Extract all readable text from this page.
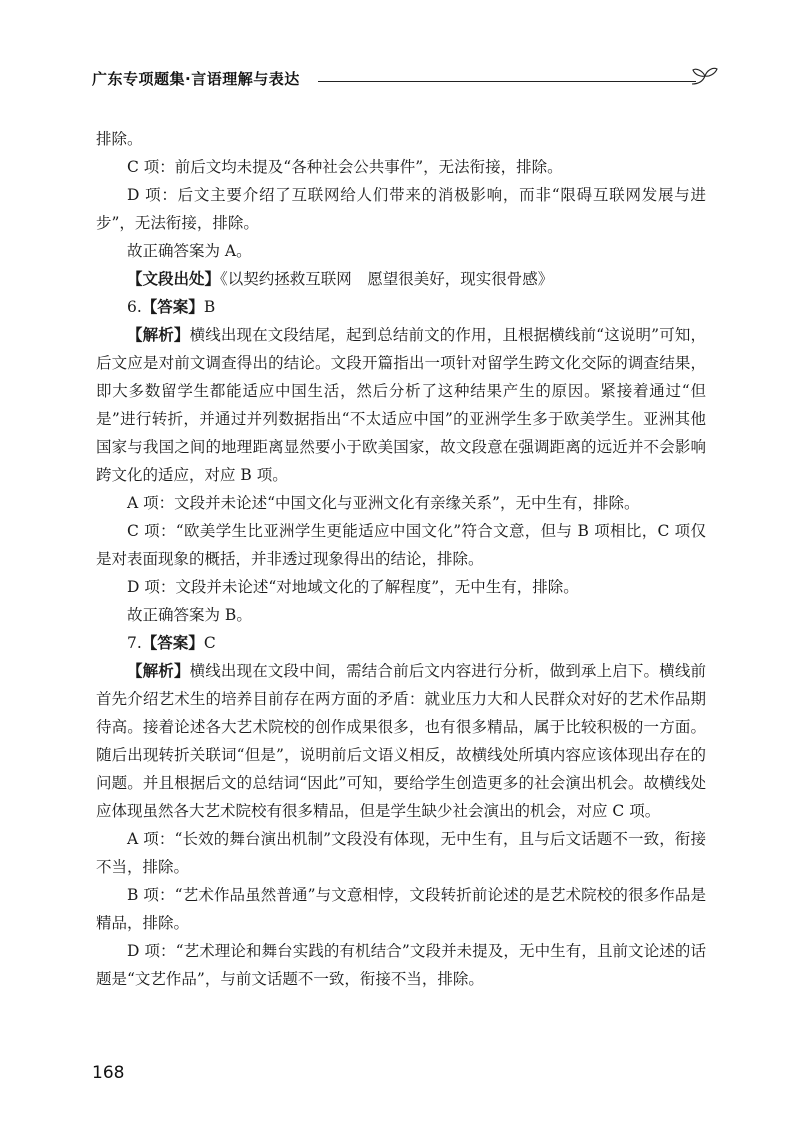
广东专项题集·言语理解与表达

排除。

C 项：前后文均未提及“各种社会公共事件”，无法衔接，排除。

D 项：后文主要介绍了互联网给人们带来的消极影响，而非“限碍互联网发展与进步”，无法衔接，排除。

故正确答案为 A。

【文段出处】《以契约拯救互联网　愿望很美好，现实很骨感》

6.【答案】B

【解析】横线出现在文段结尾，起到总结前文的作用，且根据横线前“这说明”可知，后文应是对前文调查得出的结论。文段开篇指出一项针对留学生跨文化交际的调查结果，即大多数留学生都能适应中国生活，然后分析了这种结果产生的原因。紧接着通过“但是”进行转折，并通过并列数据指出“不太适应中国”的亚洲学生多于欧美学生。亚洲其他国家与我国之间的地理距离显然要小于欧美国家，故文段意在强调距离的远近并不会影响跨文化的适应，对应 B 项。

A 项：文段并未论述“中国文化与亚洲文化有亲缘关系”，无中生有，排除。

C 项：“欧美学生比亚洲学生更能适应中国文化”符合文意，但与 B 项相比，C 项仅是对表面现象的概括，并非透过现象得出的结论，排除。

D 项：文段并未论述“对地域文化的了解程度”，无中生有，排除。

故正确答案为 B。

7.【答案】C

【解析】横线出现在文段中间，需结合前后文内容进行分析，做到承上启下。横线前首先介绍艺术生的培养目前存在两方面的矛盾：就业压力大和人民群众对好的艺术作品期待高。接着论述各大艺术院校的创作成果很多，也有很多精品，属于比较积极的一方面。随后出现转折关联词“但是”，说明前后文语义相反，故横线处所填内容应该体现出存在的问题。并且根据后文的总结词“因此”可知，要给学生创造更多的社会演出机会。故横线处应体现虽然各大艺术院校有很多精品，但是学生缺少社会演出的机会，对应 C 项。

A 项：“长效的舞台演出机制”文段没有体现，无中生有，且与后文话题不一致，衔接不当，排除。

B 项：“艺术作品虽然普通”与文意相悖，文段转折前论述的是艺术院校的很多作品是精品，排除。

D 项：“艺术理论和舞台实践的有机结合”文段并未提及，无中生有，且前文论述的话题是“文艺作品”，与前文话题不一致，衔接不当，排除。

168
